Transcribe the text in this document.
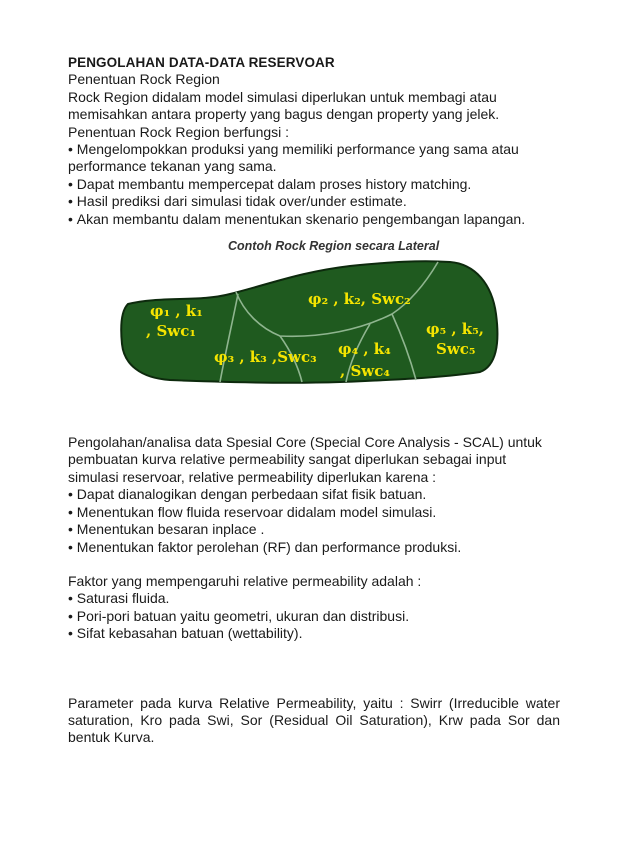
PENGOLAHAN DATA-DATA RESERVOAR

Penentuan Rock Region

Rock Region didalam model simulasi diperlukan untuk membagi atau memisahkan antara property yang bagus dengan property yang jelek.

Penentuan Rock Region berfungsi :

• Mengelompokkan produksi yang memiliki performance yang sama atau performance tekanan yang sama.

• Dapat membantu mempercepat dalam proses history matching.

• Hasil prediksi dari simulasi tidak over/under estimate.

• Akan membantu dalam menentukan skenario pengembangan lapangan.

Contoh Rock Region secara Lateral
φ₁ , k₁
, Swc₁
φ₂ , k₂, Swc₂
φ₃ , k₃ ,Swc₃ φ₄ , k₄
, Swc₄
φ₅ , k₅,
Swc₅

Pengolahan/analisa data Spesial Core (Special Core Analysis - SCAL) untuk pembuatan kurva relative permeability sangat diperlukan sebagai input simulasi reservoar, relative permeability diperlukan karena :

• Dapat dianalogikan dengan perbedaan sifat fisik batuan.

• Menentukan flow fluida reservoar didalam model simulasi.

• Menentukan besaran inplace .

• Menentukan faktor perolehan (RF) dan performance produksi.

Faktor yang mempengaruhi relative permeability adalah :

• Saturasi fluida.

• Pori-pori batuan yaitu geometri, ukuran dan distribusi.

• Sifat kebasahan batuan (wettability).

Parameter pada kurva Relative Permeability, yaitu : Swirr (Irreducible water saturation, Kro pada Swi, Sor (Residual Oil Saturation), Krw pada Sor dan bentuk Kurva.
